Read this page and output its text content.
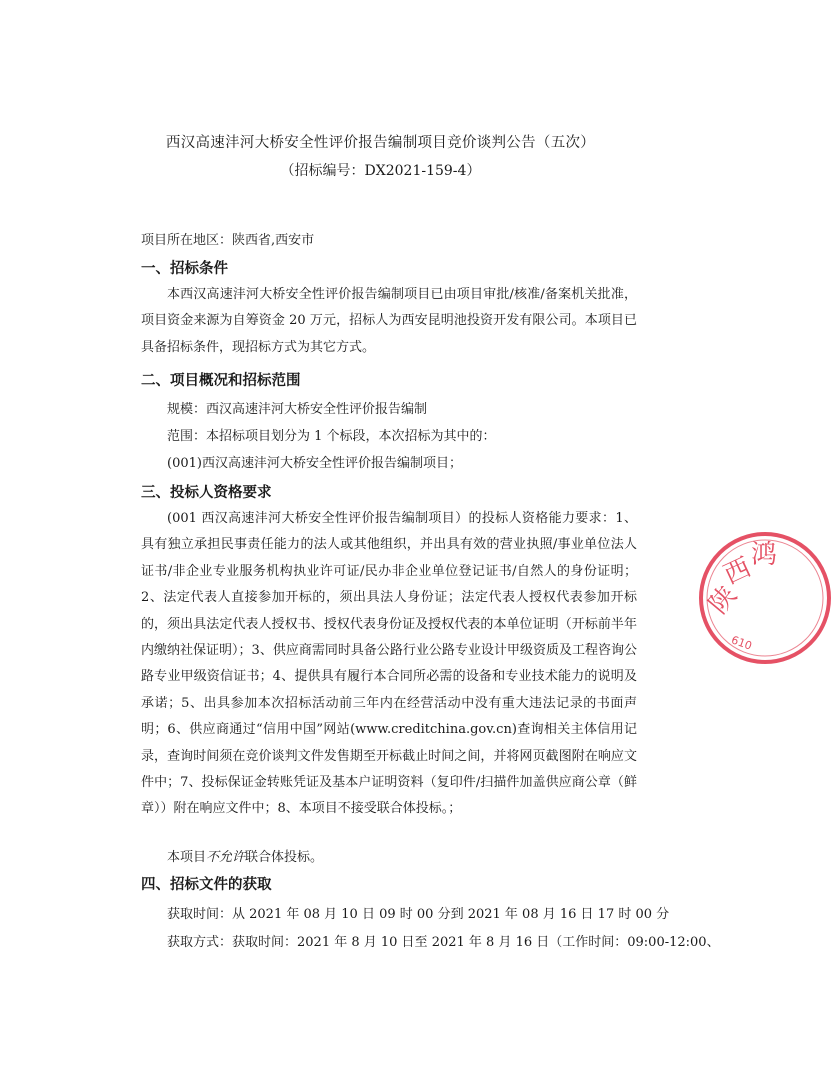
西汉高速沣河大桥安全性评价报告编制项目竞价谈判公告（五次）
（招标编号：DX2021-159-4）
项目所在地区：陕西省,西安市
一、招标条件
本西汉高速沣河大桥安全性评价报告编制项目已由项目审批/核准/备案机关批准，项目资金来源为自筹资金 20 万元，招标人为西安昆明池投资开发有限公司。本项目已具备招标条件，现招标方式为其它方式。
二、项目概况和招标范围
规模：西汉高速沣河大桥安全性评价报告编制
范围：本招标项目划分为 1 个标段，本次招标为其中的：
(001)西汉高速沣河大桥安全性评价报告编制项目；
三、投标人资格要求
(001 西汉高速沣河大桥安全性评价报告编制项目）的投标人资格能力要求：1、具有独立承担民事责任能力的法人或其他组织，并出具有效的营业执照/事业单位法人证书/非企业专业服务机构执业许可证/民办非企业单位登记证书/自然人的身份证明；2、法定代表人直接参加开标的，须出具法人身份证；法定代表人授权代表参加开标的，须出具法定代表人授权书、授权代表身份证及授权代表的本单位证明（开标前半年内缴纳社保证明）；3、供应商需同时具备公路行业公路专业设计甲级资质及工程咨询公路专业甲级资信证书；4、提供具有履行本合同所必需的设备和专业技术能力的说明及承诺；5、出具参加本次招标活动前三年内在经营活动中没有重大违法记录的书面声明；6、供应商通过“信用中国”网站(www.creditchina.gov.cn)查询相关主体信用记录，查询时间须在竞价谈判文件发售期至开标截止时间之间，并将网页截图附在响应文件中；7、投标保证金转账凭证及基本户证明资料（复印件/扫描件加盖供应商公章（鲜章））附在响应文件中；8、本项目不接受联合体投标。；
本项目不允许联合体投标。
四、招标文件的获取
获取时间：从 2021 年 08 月 10 日 09 时 00 分到 2021 年 08 月 16 日 17 时 00 分
获取方式：获取时间：2021 年 8 月 10 日至 2021 年 8 月 16 日（工作时间：09:00-12:00、
陕
西
鸿
610
